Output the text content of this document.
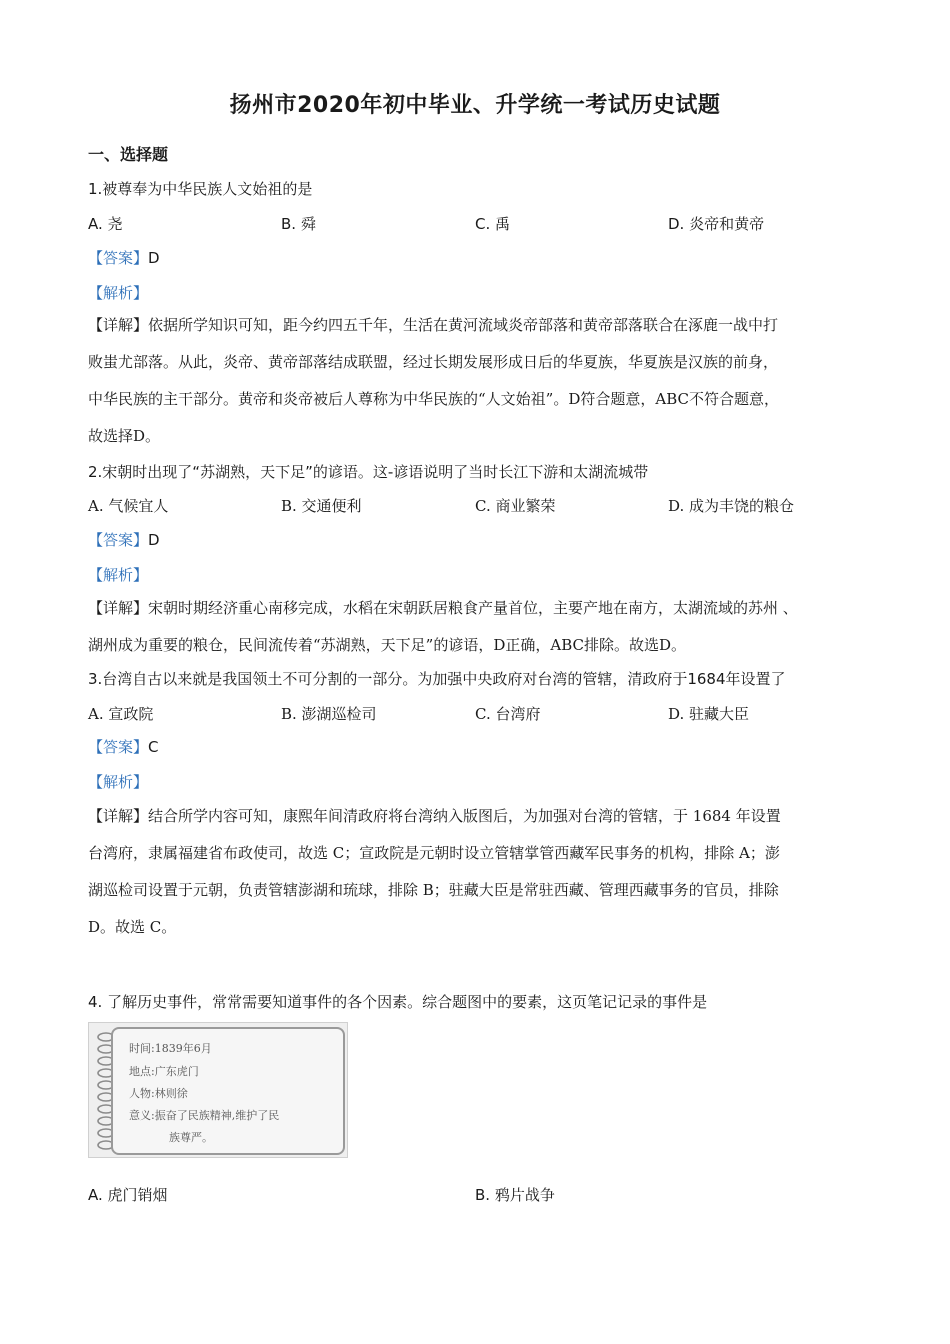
扬州市2020年初中毕业、升学统一考试历史试题
一、选择题
1.被尊奉为中华民族人文始祖的是
A. 尧	B. 舜	C. 禹	D. 炎帝和黄帝
【答案】D
【解析】

【详解】依据所学知识可知，距今约四五千年，生活在黄河流域炎帝部落和黄帝部落联合在涿鹿一战中打

败蚩尤部落。从此，炎帝、黄帝部落结成联盟，经过长期发展形成日后的华夏族，华夏族是汉族的前身，

中华民族的主干部分。黄帝和炎帝被后人尊称为中华民族的“人文始祖”。D符合题意，ABC不符合题意，

故选择D。

2.宋朝时出现了“苏湖熟，天下足”的谚语。这-谚语说明了当时长江下游和太湖流城带
A. 气候宜人	B. 交通便利	C. 商业繁荣	D. 成为丰饶的粮仓
【答案】D
【解析】

【详解】宋朝时期经济重心南移完成，水稻在宋朝跃居粮食产量首位，主要产地在南方，太湖流域的苏州 、

湖州成为重要的粮仓，民间流传着“苏湖熟，天下足”的谚语，D正确，ABC排除。故选D。

3.台湾自古以来就是我国领土不可分割的一部分。为加强中央政府对台湾的管辖，清政府于1684年设置了
A. 宣政院	B. 澎湖巡检司	C. 台湾府	D. 驻藏大臣
【答案】C
【解析】

【详解】结合所学内容可知，康熙年间清政府将台湾纳入版图后，为加强对台湾的管辖，于 1684 年设置

台湾府，隶属福建省布政使司，故选 C；宣政院是元朝时设立管辖掌管西藏军民事务的机构，排除 A；澎

湖巡检司设置于元朝，负责管辖澎湖和琉球，排除 B；驻藏大臣是常驻西藏、管理西藏事务的官员，排除

D。故选 C。

4. 了解历史事件，常常需要知道事件的各个因素。综合题图中的要素，这页笔记记录的事件是
时间:1839年6月
地点:广东虎门
人物:林则徐
意义:振奋了民族精神,维护了民
族尊严。
A. 虎门销烟	B. 鸦片战争
